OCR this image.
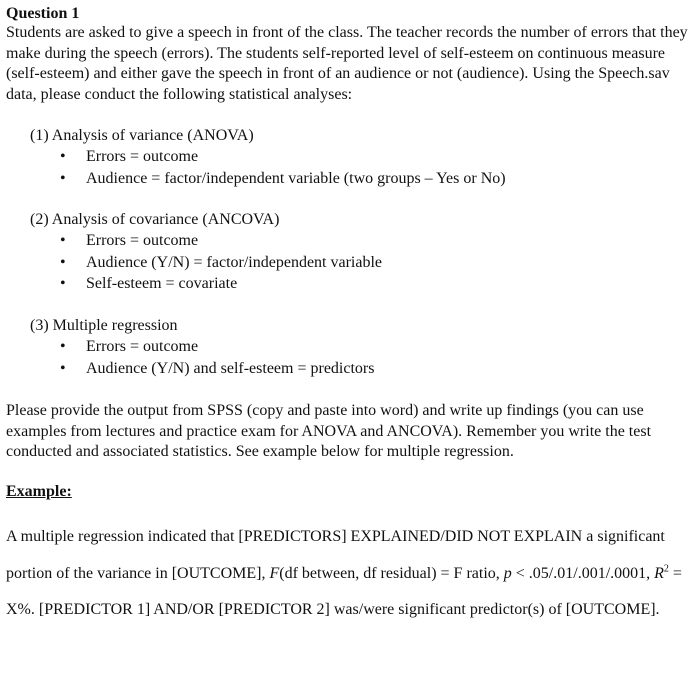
Question 1
Students are asked to give a speech in front of the class. The teacher records the number of errors that they make during the speech (errors). The students self-reported level of self-esteem on continuous measure (self-esteem) and either gave the speech in front of an audience or not (audience). Using the Speech.sav data, please conduct the following statistical analyses:
(1) Analysis of variance (ANOVA)
• Errors = outcome
• Audience = factor/independent variable (two groups – Yes or No)
(2) Analysis of covariance (ANCOVA)
• Errors = outcome
• Audience (Y/N) = factor/independent variable
• Self-esteem = covariate
(3) Multiple regression
• Errors = outcome
• Audience (Y/N) and self-esteem = predictors
Please provide the output from SPSS (copy and paste into word) and write up findings (you can use examples from lectures and practice exam for ANOVA and ANCOVA). Remember you write the test conducted and associated statistics. See example below for multiple regression.
Example:
A multiple regression indicated that [PREDICTORS] EXPLAINED/DID NOT EXPLAIN a significant portion of the variance in [OUTCOME], F(df between, df residual) = F ratio, p < .05/.01/.001/.0001, $R^2 = X\%$. [PREDICTOR 1] AND/OR [PREDICTOR 2] was/were significant predictor(s) of [OUTCOME].
